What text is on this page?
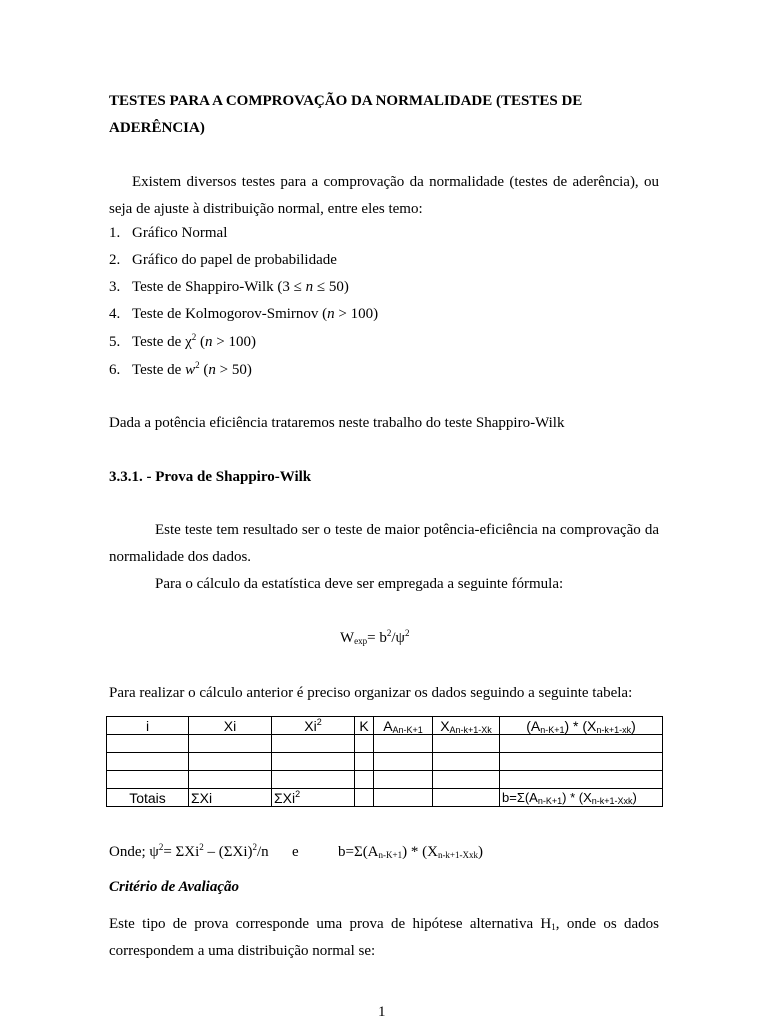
TESTES PARA A COMPROVAÇÃO DA NORMALIDADE (TESTES DE ADERÊNCIA)
Existem diversos testes para a comprovação da normalidade (testes de aderência), ou seja de ajuste à distribuição normal, entre eles temo:
1. Gráfico Normal
2. Gráfico do papel de probabilidade
3. Teste de Shappiro-Wilk (3 ≤ n ≤ 50)
4. Teste de Kolmogorov-Smirnov (n > 100)
5. Teste de $\chi^2$ (n > 100)
6. Teste de $w^2$ (n > 50)
Dada a potência eficiência trataremos neste trabalho do teste Shappiro-Wilk
3.3.1. - Prova de Shappiro-Wilk
Este teste tem resultado ser o teste de maior potência-eficiência na comprovação da normalidade dos dados.
Para o cálculo da estatística deve ser empregada a seguinte fórmula:
$W_{exp}= b^2/\psi^2$
Para realizar o cálculo anterior é preciso organizar os dados seguindo a seguinte tabela:
i	Xi	Xi$^2$	K	$A_{An-K+1}$	$X_{An-k+1-Xk}$	$(A_{n-K+1}) * (X_{n-k+1-xk})$

Totais	ΣXi	ΣXi$^2$				$b=\Sigma(A_{n-K+1}) * (X_{n-k+1-Xxk})$
Onde; $\psi^2= \Sigma Xi^2 - (\Sigma Xi)^2/n$ e	$b=\Sigma(A_{n-K+1}) * (X_{n-k+1-Xxk})$
Critério de Avaliação
Este tipo de prova corresponde uma prova de hipótese alternativa $H_1$, onde os dados correspondem a uma distribuição normal se:
1
